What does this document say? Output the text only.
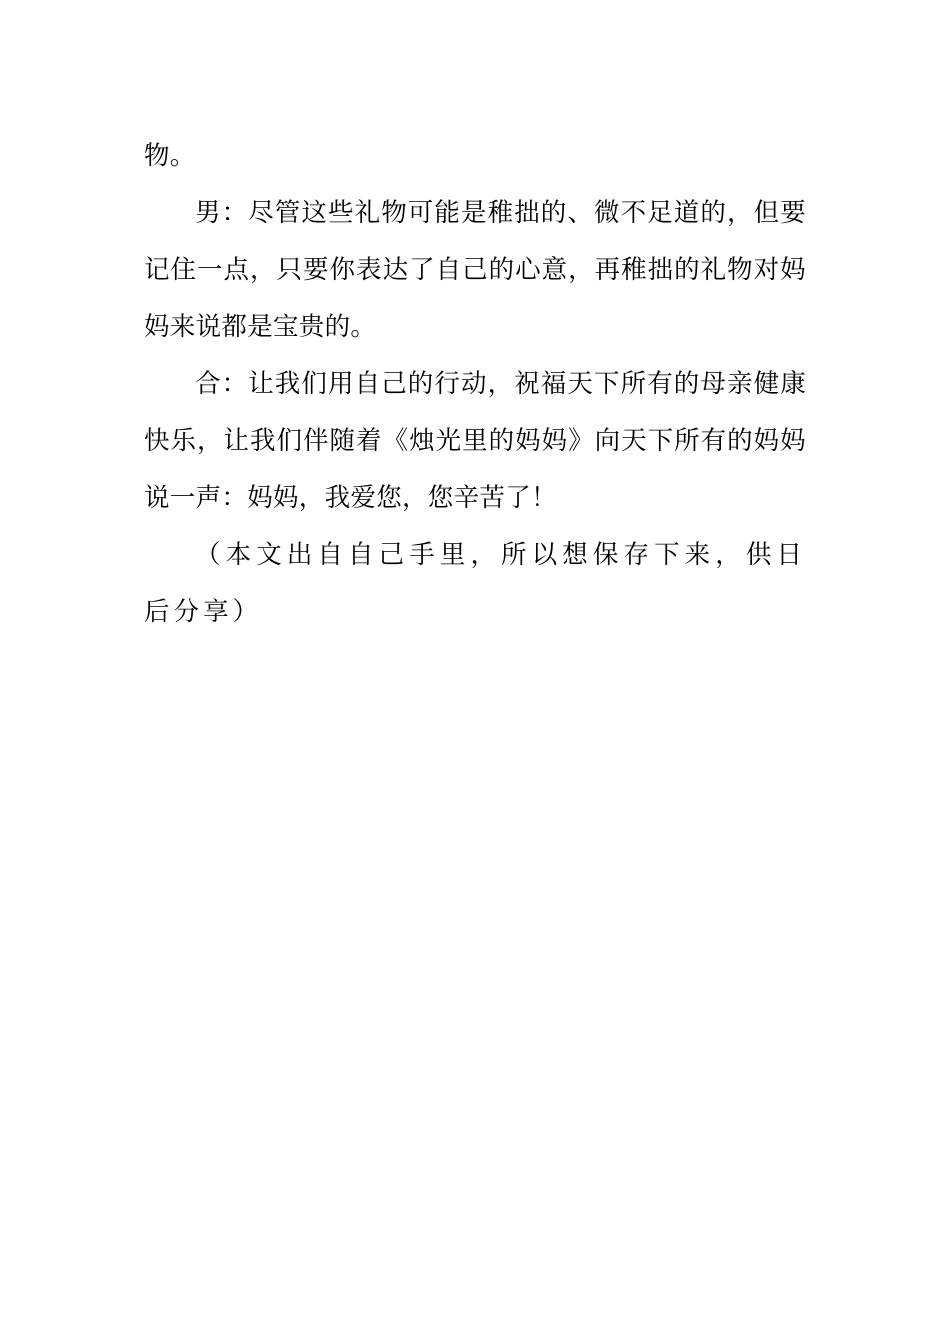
物。

男：尽管这些礼物可能是稚拙的、微不足道的，但要记住一点，只要你表达了自己的心意，再稚拙的礼物对妈妈来说都是宝贵的。

合：让我们用自己的行动，祝福天下所有的母亲健康快乐，让我们伴随着《烛光里的妈妈》向天下所有的妈妈说一声：妈妈，我爱您，您辛苦了！

（本文出自自己手里，所以想保存下来，供日后分享）
